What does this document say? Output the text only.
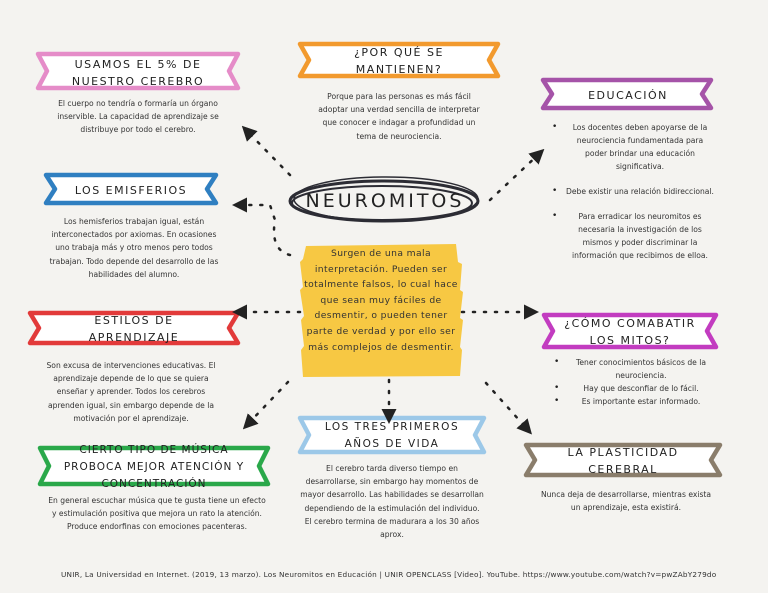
USAMOS EL 5% DE NUESTRO CEREBRO
El cuerpo no tendría o formaría un órgano inservible. La capacidad de aprendizaje se distribuye por todo el cerebro.
¿POR QUÉ SE MANTIENEN?
Porque para las personas es más fácil adoptar una verdad sencilla de interpretar que conocer e indagar a profundidad un tema de neurociencia.
EDUCACIÓN
• Los docentes deben apoyarse de la neurociencia fundamentada para poder brindar una educación significativa.
• Debe existir una relación bidireccional.
• Para erradicar los neuromitos es necesaria la investigación de los mismos y poder discriminar la información que recibimos de elloa.
LOS EMISFERIOS
Los hemisferios trabajan igual, están interconectados por axiomas. En ocasiones uno trabaja más y otro menos pero todos trabajan. Todo depende del desarrollo de las habilidades del alumno.
ESTILOS DE APRENDIZAJE
Son excusa de intervenciones educativas. El aprendizaje depende de lo que se quiera enseñar y aprender. Todos los cerebros aprenden igual, sin embargo depende de la motivación por el aprendizaje.
¿CÓMO COMABATIR LOS MITOS?
• Tener conocimientos básicos de la neurociencia.
• Hay que desconfiar de lo fácil.
• Es importante estar informado.
CIERTO TIPO DE MÚSICA PROBOCA MEJOR ATENCIÓN Y CONCENTRACIÓN
En general escuchar música que te gusta tiene un efecto y estimulación positiva que mejora un rato la atención. Produce endorfinas con emociones pacenteras.
LOS TRES PRIMEROS AÑOS DE VIDA
El cerebro tarda diverso tiempo en desarrollarse, sin embargo hay momentos de mayor desarrollo. Las habilidades se desarrollan dependiendo de la estimulación del individuo. El cerebro termina de madurara a los 30 años aprox.
LA PLASTICIDAD CEREBRAL
Nunca deja de desarrollarse, mientras exista un aprendizaje, esta existirá.
NEUROMITOS
Surgen de una mala interpretación. Pueden ser totalmente falsos, lo cual hace que sean muy fáciles de desmentir, o pueden tener parte de verdad y por ello ser más complejos de desmentir.
UNIR, La Universidad en Internet. (2019, 13 marzo). Los Neuromitos en Educación | UNIR OPENCLASS [Video]. YouTube. https://www.youtube.com/watch?v=pwZAbY279do
